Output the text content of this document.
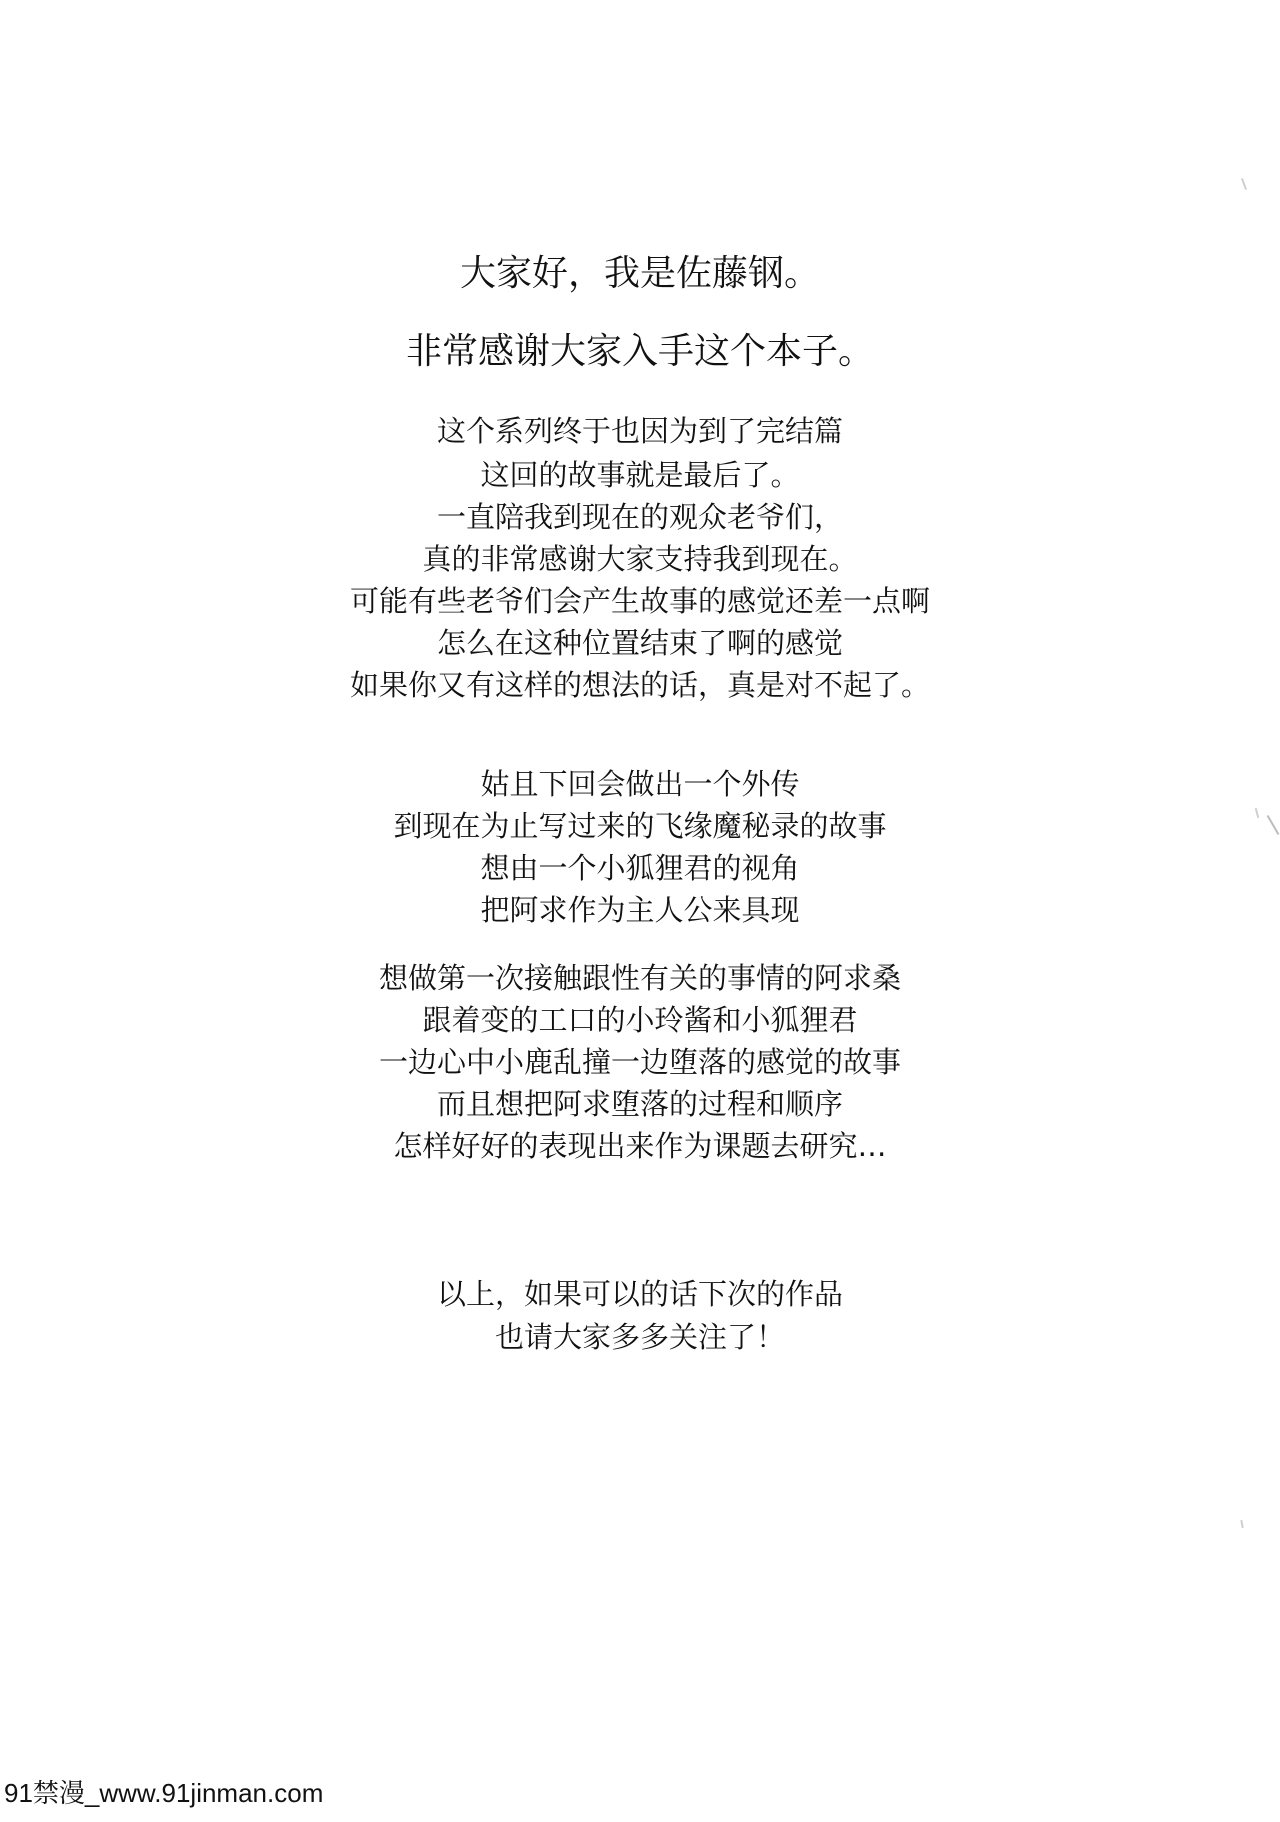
大家好，我是佐藤钢。
非常感谢大家入手这个本子。
这个系列终于也因为到了完结篇
这回的故事就是最后了。
一直陪我到现在的观众老爷们，
真的非常感谢大家支持我到现在。
可能有些老爷们会产生故事的感觉还差一点啊
怎么在这种位置结束了啊的感觉
如果你又有这样的想法的话，真是对不起了。
姑且下回会做出一个外传
到现在为止写过来的飞缘魔秘录的故事
想由一个小狐狸君的视角
把阿求作为主人公来具现
想做第一次接触跟性有关的事情的阿求桑
跟着变的工口的小玲酱和小狐狸君
一边心中小鹿乱撞一边堕落的感觉的故事
而且想把阿求堕落的过程和顺序
怎样好好的表现出来作为课题去研究…
以上，如果可以的话下次的作品
也请大家多多关注了！
91禁漫_www.91jinman.com
